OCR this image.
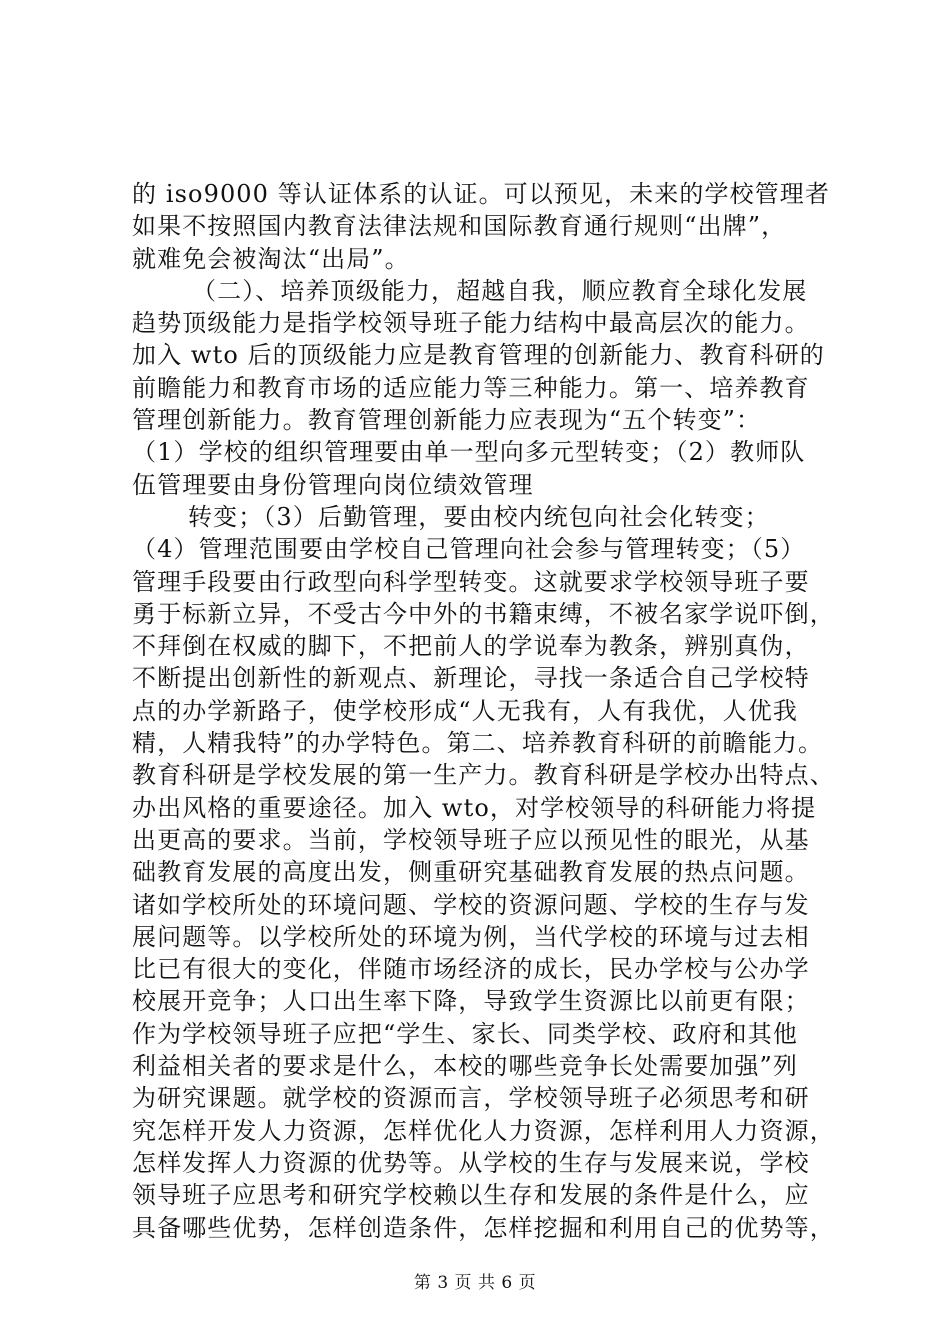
的 iso9000 等认证体系的认证。可以预见，未来的学校管理者
如果不按照国内教育法律法规和国际教育通行规则“出牌”，
就难免会被淘汰“出局”。
（二）、培养顶级能力，超越自我，顺应教育全球化发展
趋势顶级能力是指学校领导班子能力结构中最高层次的能力。
加入 wto 后的顶级能力应是教育管理的创新能力、教育科研的
前瞻能力和教育市场的适应能力等三种能力。第一、培养教育
管理创新能力。教育管理创新能力应表现为“五个转变”：
（1）学校的组织管理要由单一型向多元型转变；（2）教师队
伍管理要由身份管理向岗位绩效管理
转变；（3）后勤管理，要由校内统包向社会化转变；
（4）管理范围要由学校自己管理向社会参与管理转变；（5）
管理手段要由行政型向科学型转变。这就要求学校领导班子要
勇于标新立异，不受古今中外的书籍束缚，不被名家学说吓倒，
不拜倒在权威的脚下，不把前人的学说奉为教条，辨别真伪，
不断提出创新性的新观点、新理论，寻找一条适合自己学校特
点的办学新路子，使学校形成“人无我有，人有我优，人优我
精，人精我特”的办学特色。第二、培养教育科研的前瞻能力。
教育科研是学校发展的第一生产力。教育科研是学校办出特点、
办出风格的重要途径。加入 wto，对学校领导的科研能力将提
出更高的要求。当前，学校领导班子应以预见性的眼光，从基
础教育发展的高度出发，侧重研究基础教育发展的热点问题。
诸如学校所处的环境问题、学校的资源问题、学校的生存与发
展问题等。以学校所处的环境为例，当代学校的环境与过去相
比已有很大的变化，伴随市场经济的成长，民办学校与公办学
校展开竞争；人口出生率下降，导致学生资源比以前更有限；
作为学校领导班子应把“学生、家长、同类学校、政府和其他
利益相关者的要求是什么，本校的哪些竞争长处需要加强”列
为研究课题。就学校的资源而言，学校领导班子必须思考和研
究怎样开发人力资源，怎样优化人力资源，怎样利用人力资源，
怎样发挥人力资源的优势等。从学校的生存与发展来说，学校
领导班子应思考和研究学校赖以生存和发展的条件是什么，应
具备哪些优势，怎样创造条件，怎样挖掘和利用自己的优势等，
第 3 页 共 6 页
